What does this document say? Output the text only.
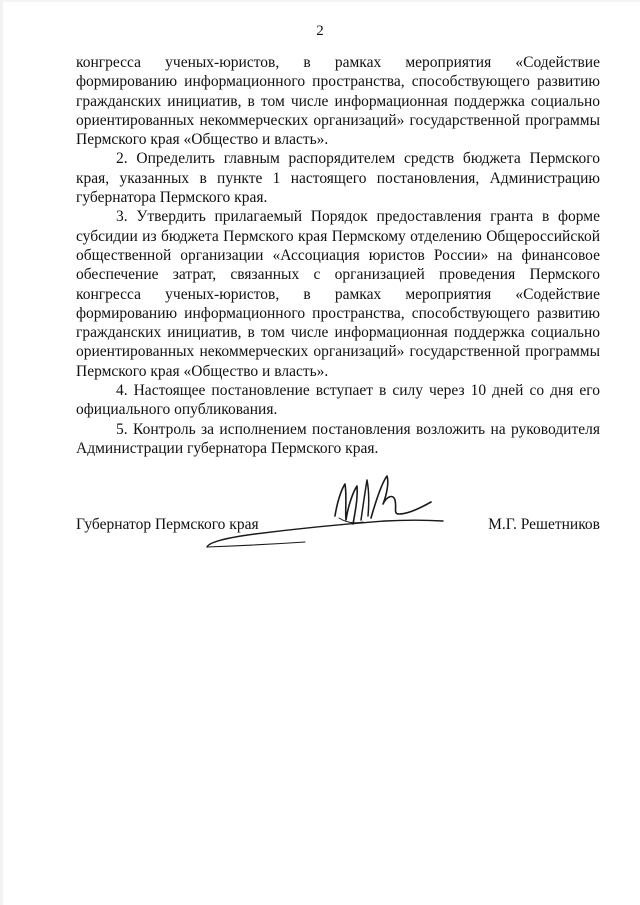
2

конгресса ученых-юристов, в рамках мероприятия «Содействие формированию информационного пространства, способствующего развитию гражданских инициатив, в том числе информационная поддержка социально ориентированных некоммерческих организаций» государственной программы Пермского края «Общество и власть».

2. Определить главным распорядителем средств бюджета Пермского края, указанных в пункте 1 настоящего постановления, Администрацию губернатора Пермского края.

3. Утвердить прилагаемый Порядок предоставления гранта в форме субсидии из бюджета Пермского края Пермскому отделению Общероссийской общественной организации «Ассоциация юристов России» на финансовое обеспечение затрат, связанных с организацией проведения Пермского конгресса ученых-юристов, в рамках мероприятия «Содействие формированию информационного пространства, способствующего развитию гражданских инициатив, в том числе информационная поддержка социально ориентированных некоммерческих организаций» государственной программы Пермского края «Общество и власть».

4. Настоящее постановление вступает в силу через 10 дней со дня его официального опубликования.

5. Контроль за исполнением постановления возложить на руководителя Администрации губернатора Пермского края.

Губернатор Пермского края	М.Г. Решетников
